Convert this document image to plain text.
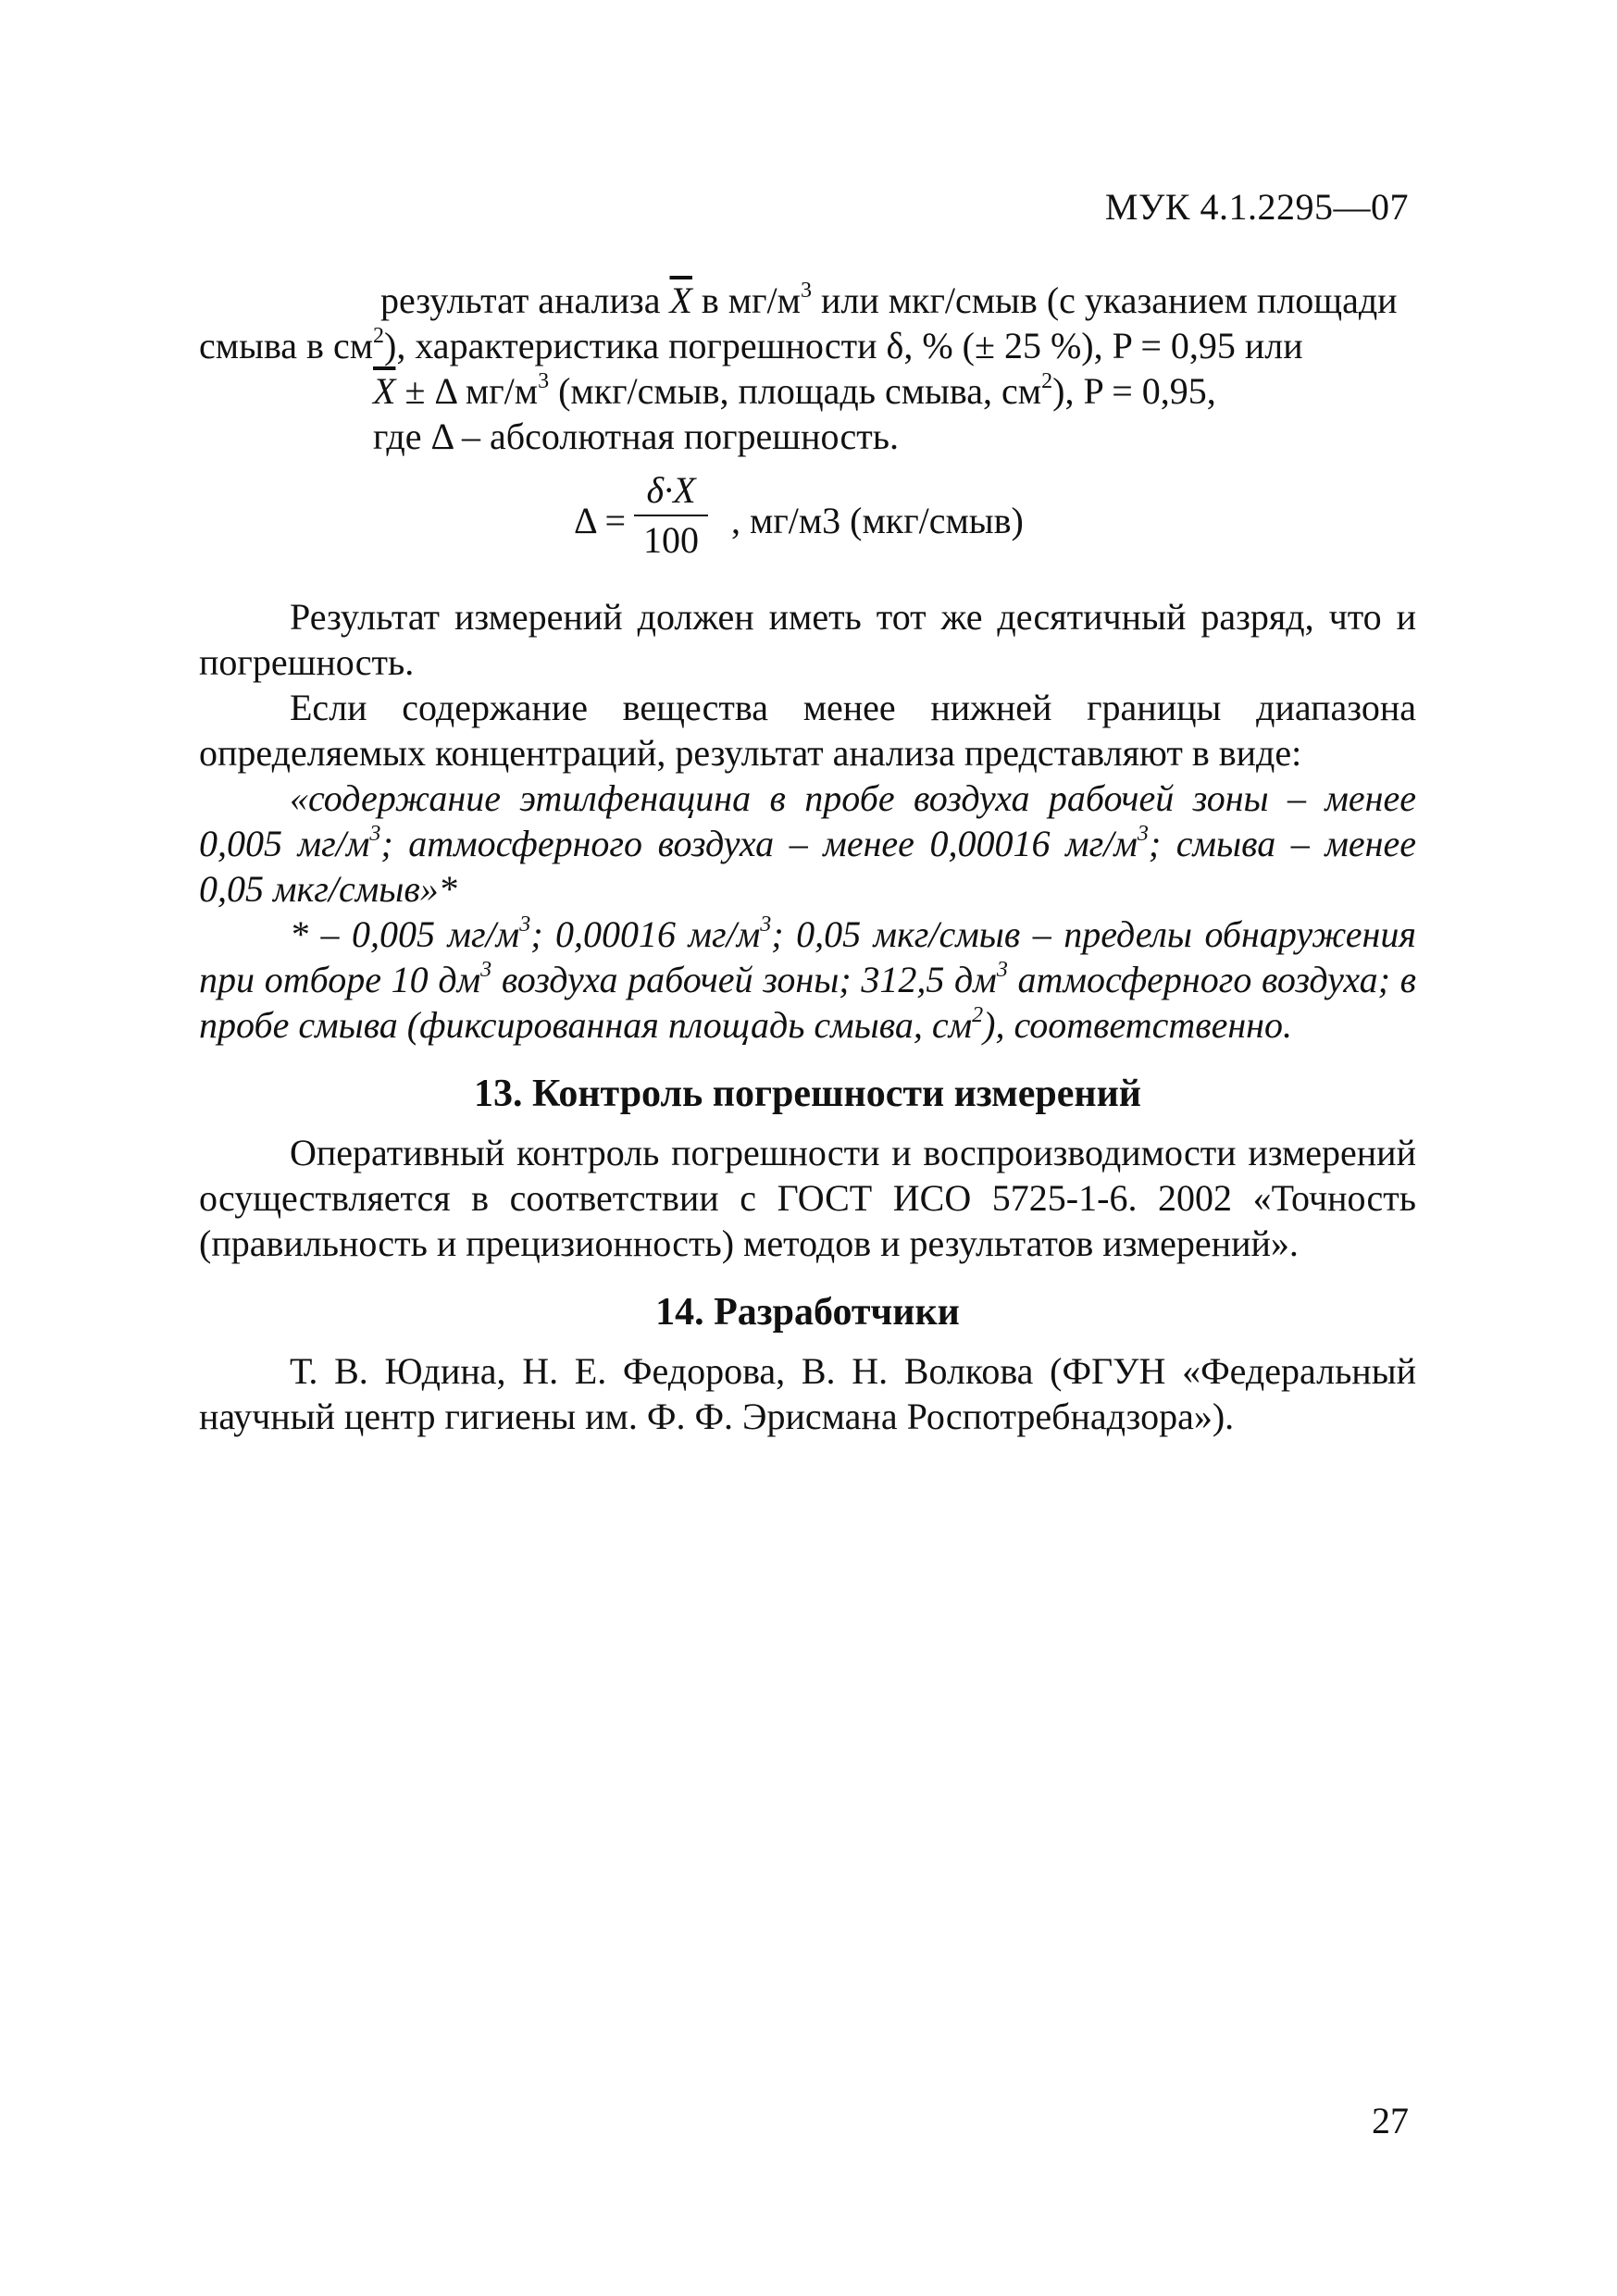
МУК 4.1.2295—07
результат анализа $\overline{X}$ в $мг/м^3$ или мкг/смыв (с указанием площади
смыва в $см^2$), характеристика погрешности δ, % (± 25 %), P = 0,95 или
$\overline{X} \pm \Delta$ $мг/м^3$ (мкг/смыв, площадь смыва, $см^2$), P = 0,95,
где Δ – абсолютная погрешность.
Δ =
δ·X
100 , мг/м3 (мкг/смыв)

Результат измерений должен иметь тот же десятичный разряд, что и погрешность.

Если содержание вещества менее нижней границы диапазона определяемых концентраций, результат анализа представляют в виде:

«содержание этилфенацина в пробе воздуха рабочей зоны – менее 0,005 $мг/м^3$; атмосферного воздуха – менее 0,00016 $мг/м^3$; смыва – менее 0,05 мкг/смыв»*

* – 0,005 $мг/м^3$; 0,00016 $мг/м^3$; 0,05 мкг/смыв – пределы обнаружения при отборе 10 $дм^3$ воздуха рабочей зоны; 312,5 $дм^3$ атмосферного воздуха; в пробе смыва (фиксированная площадь смыва, $см^2$), соответственно.

13. Контроль погрешности измерений

Оперативный контроль погрешности и воспроизводимости измерений осуществляется в соответствии с ГОСТ ИСО 5725-1-6. 2002 «Точность (правильность и прецизионность) методов и результатов измерений».

14. Разработчики

Т. В. Юдина, Н. Е. Федорова, В. Н. Волкова (ФГУН «Федеральный научный центр гигиены им. Ф. Ф. Эрисмана Роспотребнадзора»).

27
